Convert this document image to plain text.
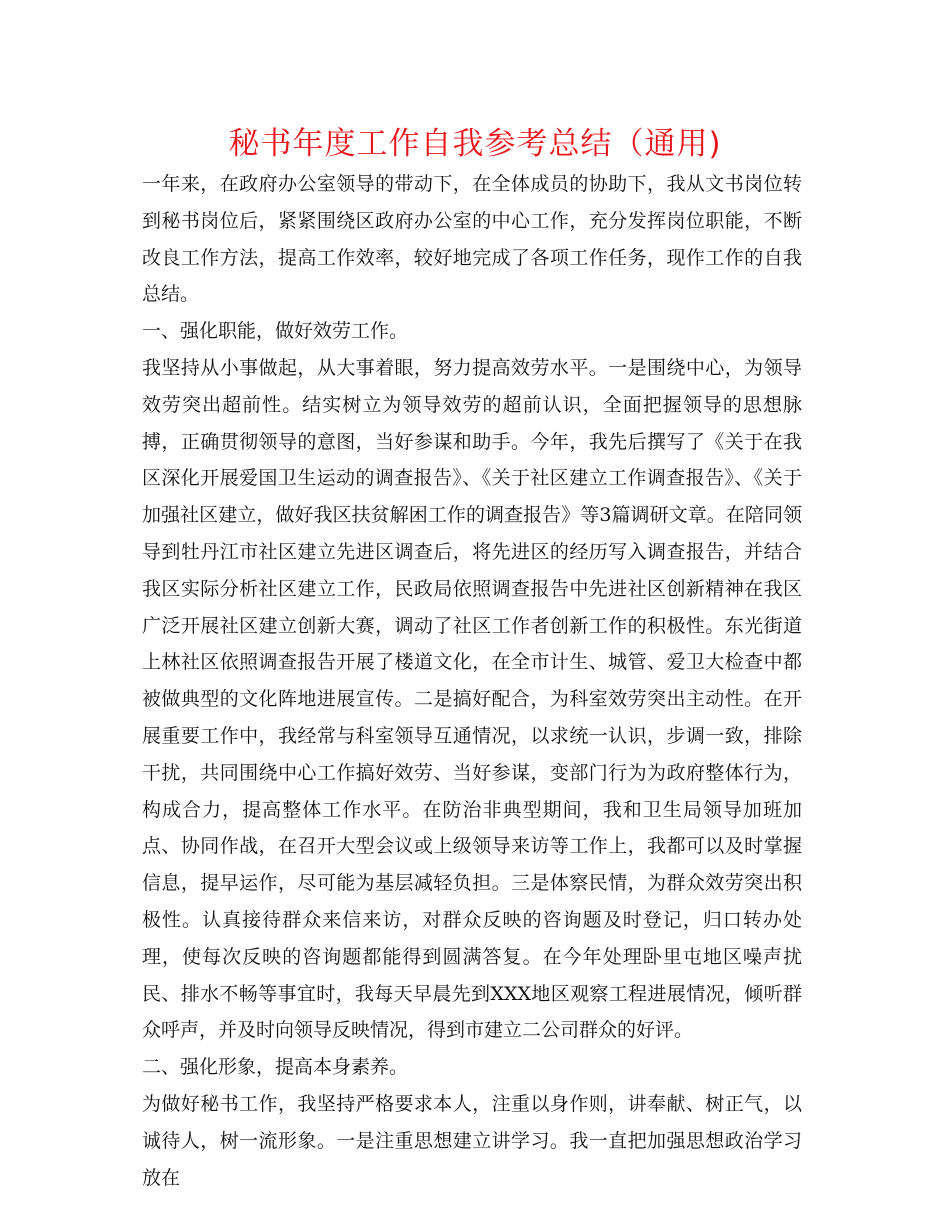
秘书年度工作自我参考总结（通用)

一年来，在政府办公室领导的带动下，在全体成员的协助下，我从文书岗位转到秘书岗位后，紧紧围绕区政府办公室的中心工作，充分发挥岗位职能，不断改良工作方法，提高工作效率，较好地完成了各项工作任务，现作工作的自我总结。

一、强化职能，做好效劳工作。

我坚持从小事做起，从大事着眼，努力提高效劳水平。一是围绕中心，为领导效劳突出超前性。结实树立为领导效劳的超前认识，全面把握领导的思想脉搏，正确贯彻领导的意图，当好参谋和助手。今年，我先后撰写了《关于在我区深化开展爱国卫生运动的调查报告》、《关于社区建立工作调查报告》、《关于加强社区建立，做好我区扶贫解困工作的调查报告》等3篇调研文章。在陪同领导到牡丹江市社区建立先进区调查后，将先进区的经历写入调查报告，并结合我区实际分析社区建立工作，民政局依照调查报告中先进社区创新精神在我区广泛开展社区建立创新大赛，调动了社区工作者创新工作的积极性。东光街道上林社区依照调查报告开展了楼道文化，在全市计生、城管、爱卫大检查中都被做典型的文化阵地进展宣传。二是搞好配合，为科室效劳突出主动性。在开展重要工作中，我经常与科室领导互通情况，以求统一认识，步调一致，排除干扰，共同围绕中心工作搞好效劳、当好参谋，变部门行为为政府整体行为，构成合力，提高整体工作水平。在防治非典型期间，我和卫生局领导加班加点、协同作战，在召开大型会议或上级领导来访等工作上，我都可以及时掌握信息，提早运作，尽可能为基层减轻负担。三是体察民情，为群众效劳突出积极性。认真接待群众来信来访，对群众反映的咨询题及时登记，归口转办处理，使每次反映的咨询题都能得到圆满答复。在今年处理卧里屯地区噪声扰民、排水不畅等事宜时，我每天早晨先到XXX地区观察工程进展情况，倾听群众呼声，并及时向领导反映情况，得到市建立二公司群众的好评。

二、强化形象，提高本身素养。

为做好秘书工作，我坚持严格要求本人，注重以身作则，讲奉献、树正气，以诚待人，树一流形象。一是注重思想建立讲学习。我一直把加强思想政治学习放在
